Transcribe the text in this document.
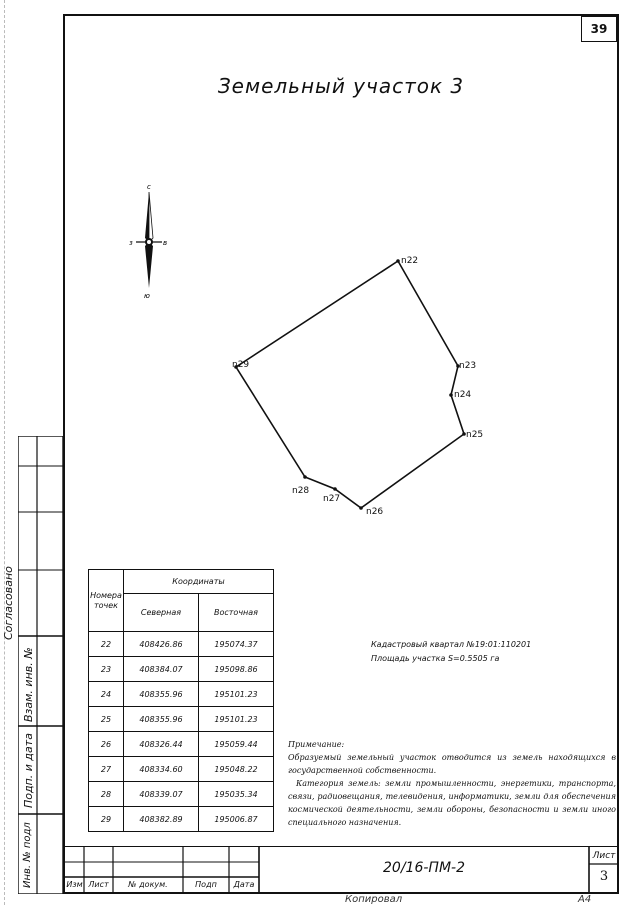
39
Земельный участок 3
с
з	в
ю
n22
n23
n24
n25
n26
n27
n28
n29
Номера точек	Координаты	
	Северная	Восточная
22	408426.86	195074.37
23	408384.07	195098.86
24	408355.96	195101.23
25	408355.96	195101.23
26	408326.44	195059.44
27	408334.60	195048.22
28	408339.07	195035.34
29	408382.89	195006.87
Кадастровый квартал №19:01:110201
Площадь участка S=0.5505 га

Примечание:

Образуемый земельный участок отводится из земель находящихся в государственной собственности.

Категория земель: земли промышленности, энергетики, транспорта, связи, радиовещания, телевидения, информатики, земли для обеспечения космической деятельности, земли обороны, безопасности и земли иного специального назначения.

Изм Лист	№ докум.	Подп	Дата
20/16-ПМ-2
Лист
3
Согласовано
Взам. инв. №
Подп. и дата
Инв. № подл
Копировал	А4
